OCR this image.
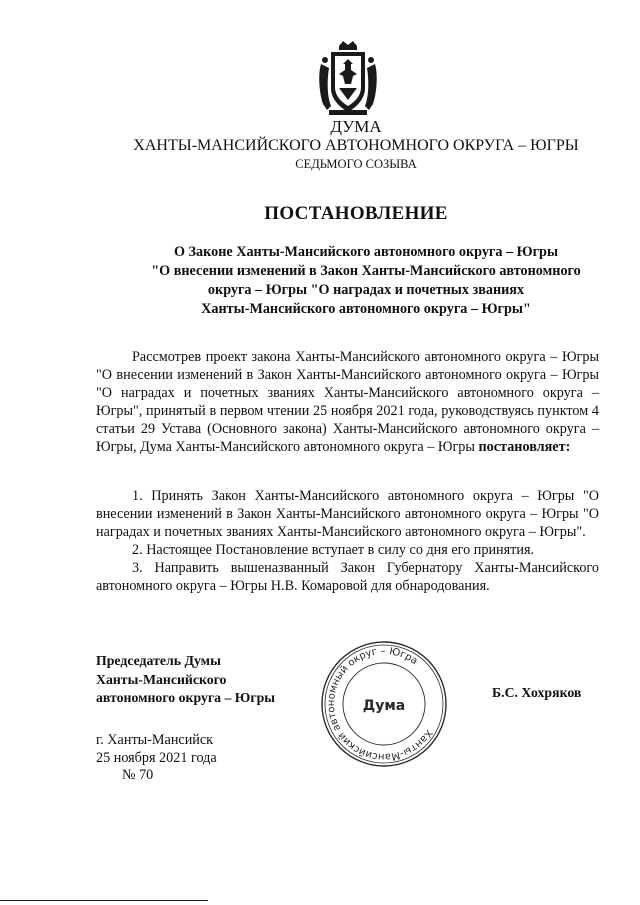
ДУМА
ХАНТЫ-МАНСИЙСКОГО АВТОНОМНОГО ОКРУГА – ЮГРЫ
СЕДЬМОГО СОЗЫВА
ПОСТАНОВЛЕНИЕ
О Законе Ханты-Мансийского автономного округа – Югры
"О внесении изменений в Закон Ханты-Мансийского автономного
округа – Югры "О наградах и почетных званиях
Ханты-Мансийского автономного округа – Югры"

Рассмотрев проект закона Ханты-Мансийского автономного округа – Югры "О внесении изменений в Закон Ханты-Мансийского автономного округа – Югры "О наградах и почетных званиях Ханты-Мансийского автономного округа – Югры", принятый в первом чтении 25 ноября 2021 года, руководствуясь пунктом 4 статьи 29 Устава (Основного закона) Ханты-Мансийского автономного округа – Югры, Дума Ханты-Мансийского автономного округа – Югры постановляет:

1. Принять Закон Ханты-Мансийского автономного округа – Югры "О внесении изменений в Закон Ханты-Мансийского автономного округа – Югры "О наградах и почетных званиях Ханты-Мансийского автономного округа – Югры".

2. Настоящее Постановление вступает в силу со дня его принятия.

3. Направить вышеназванный Закон Губернатору Ханты-Мансийского автономного округа – Югры Н.В. Комаровой для обнародования.

Председатель Думы
Ханты-Мансийского
автономного округа – Югры
Ханты-Мансийский автономный округ – Югра
Дума
Б.С. Хохряков
г. Ханты-Мансийск
25 ноября 2021 года
№ 70
